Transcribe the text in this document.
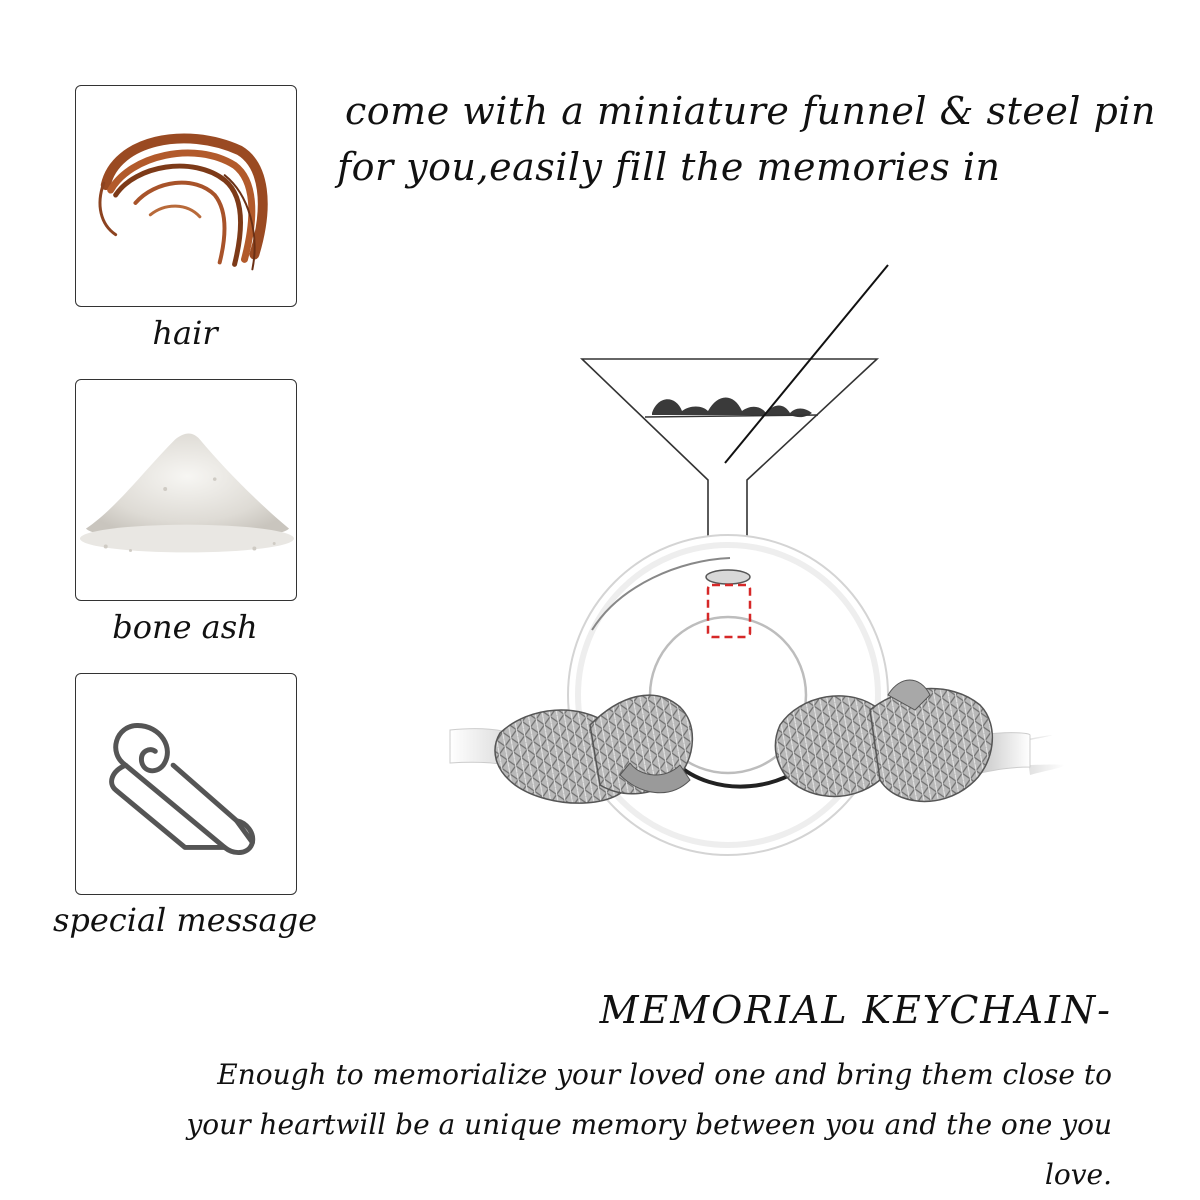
come with a miniature funnel & steel pin
for you,easily fill the memories in
hair
bone ash
special message
MEMORIAL KEYCHAIN-
Enough to memorialize your loved one and bring them close to
your heartwill be a unique memory between you and the one you love.
